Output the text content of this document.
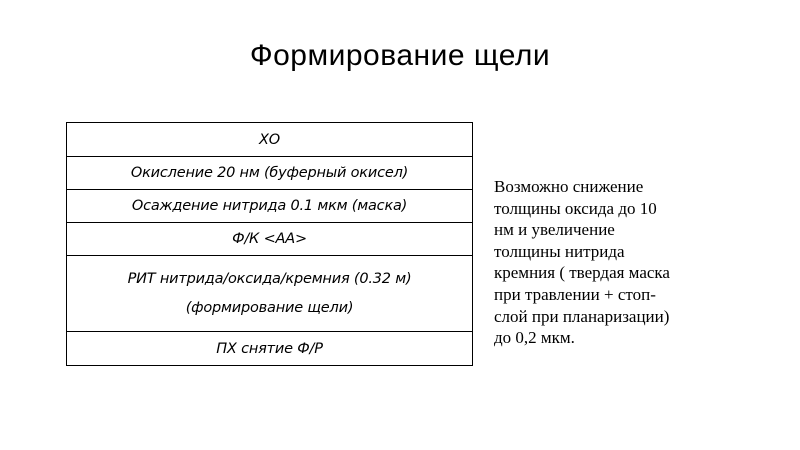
Формирование щели
ХО
Окисление 20 нм (буферный окисел)
Осаждение нитрида 0.1 мкм (маска)
Ф/К <АА>
РИТ нитрида/оксида/кремния (0.32 м)(формирование щели)
ПХ снятие Ф/Р
Возможно снижение
толщины оксида до 10
нм и увеличение
толщины нитрида
кремния ( твердая маска
при травлении + стоп-
слой при планаризации)
до 0,2 мкм.
